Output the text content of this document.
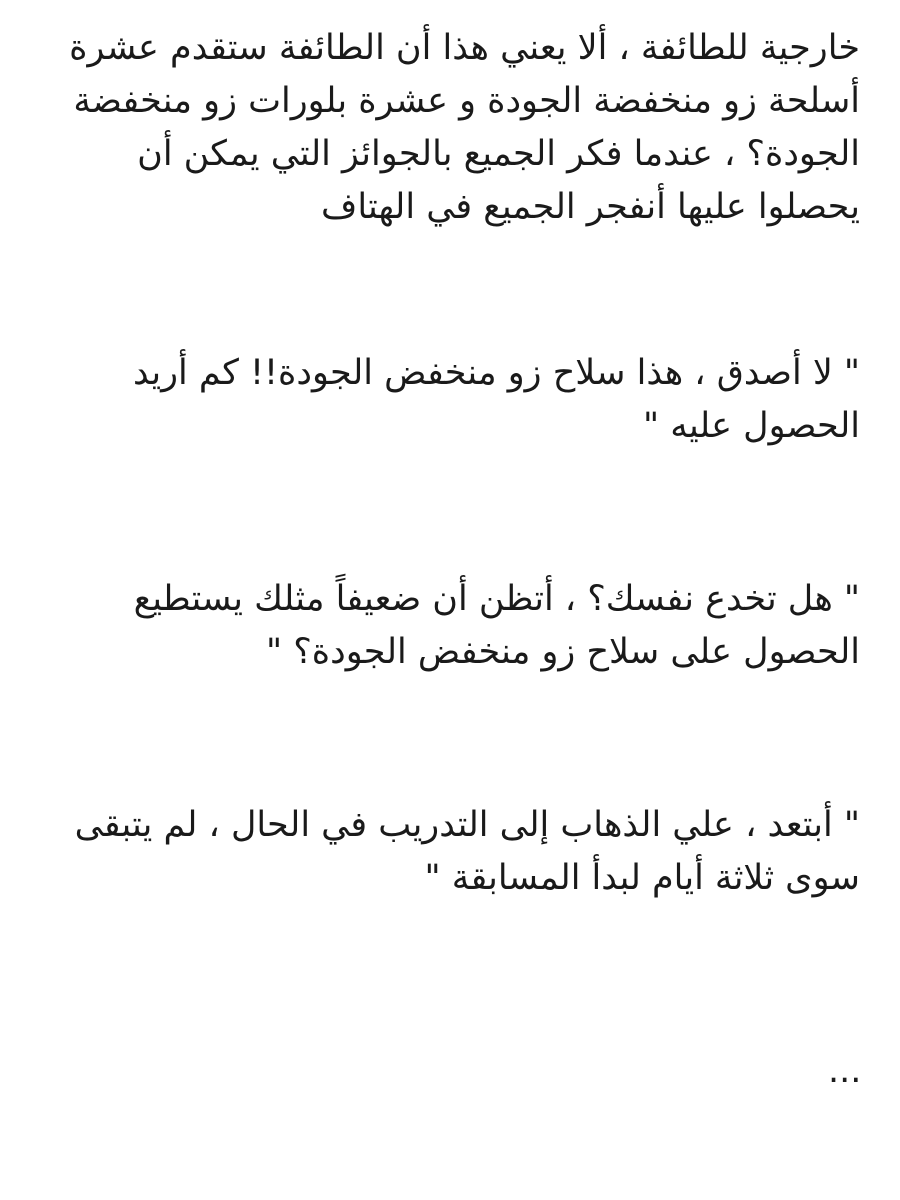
خارجية للطائفة ، ألا يعني هذا أن الطائفة ستقدم عشرة أسلحة زو منخفضة الجودة و عشرة بلورات زو منخفضة الجودة؟ ، عندما فكر الجميع بالجوائز التي يمكن أن يحصلوا عليها أنفجر الجميع في الهتاف

" لا أصدق ، هذا سلاح زو منخفض الجودة!! كم أريد الحصول عليه "

" هل تخدع نفسك؟ ، أتظن أن ضعيفاً مثلك يستطيع الحصول على سلاح زو منخفض الجودة؟ "

" أبتعد ، علي الذهاب إلى التدريب في الحال ، لم يتبقى سوى ثلاثة أيام لبدأ المسابقة "

...
